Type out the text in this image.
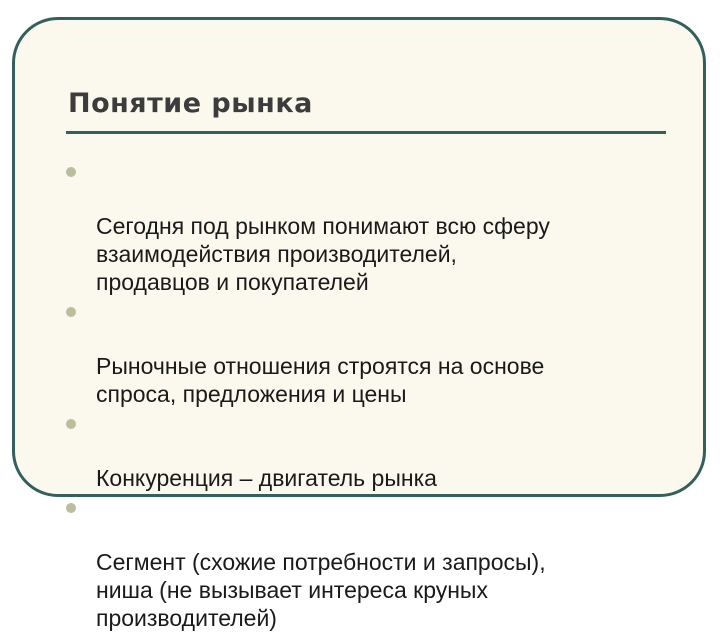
Понятие рынка

Сегодня под рынком понимают всю сферу
взаимодействия производителей,
продавцов и покупателей

Рыночные отношения строятся на основе
спроса, предложения и цены

Конкуренция – двигатель рынка

Сегмент (схожие потребности и запросы),
ниша (не вызывает интереса круных
производителей)
